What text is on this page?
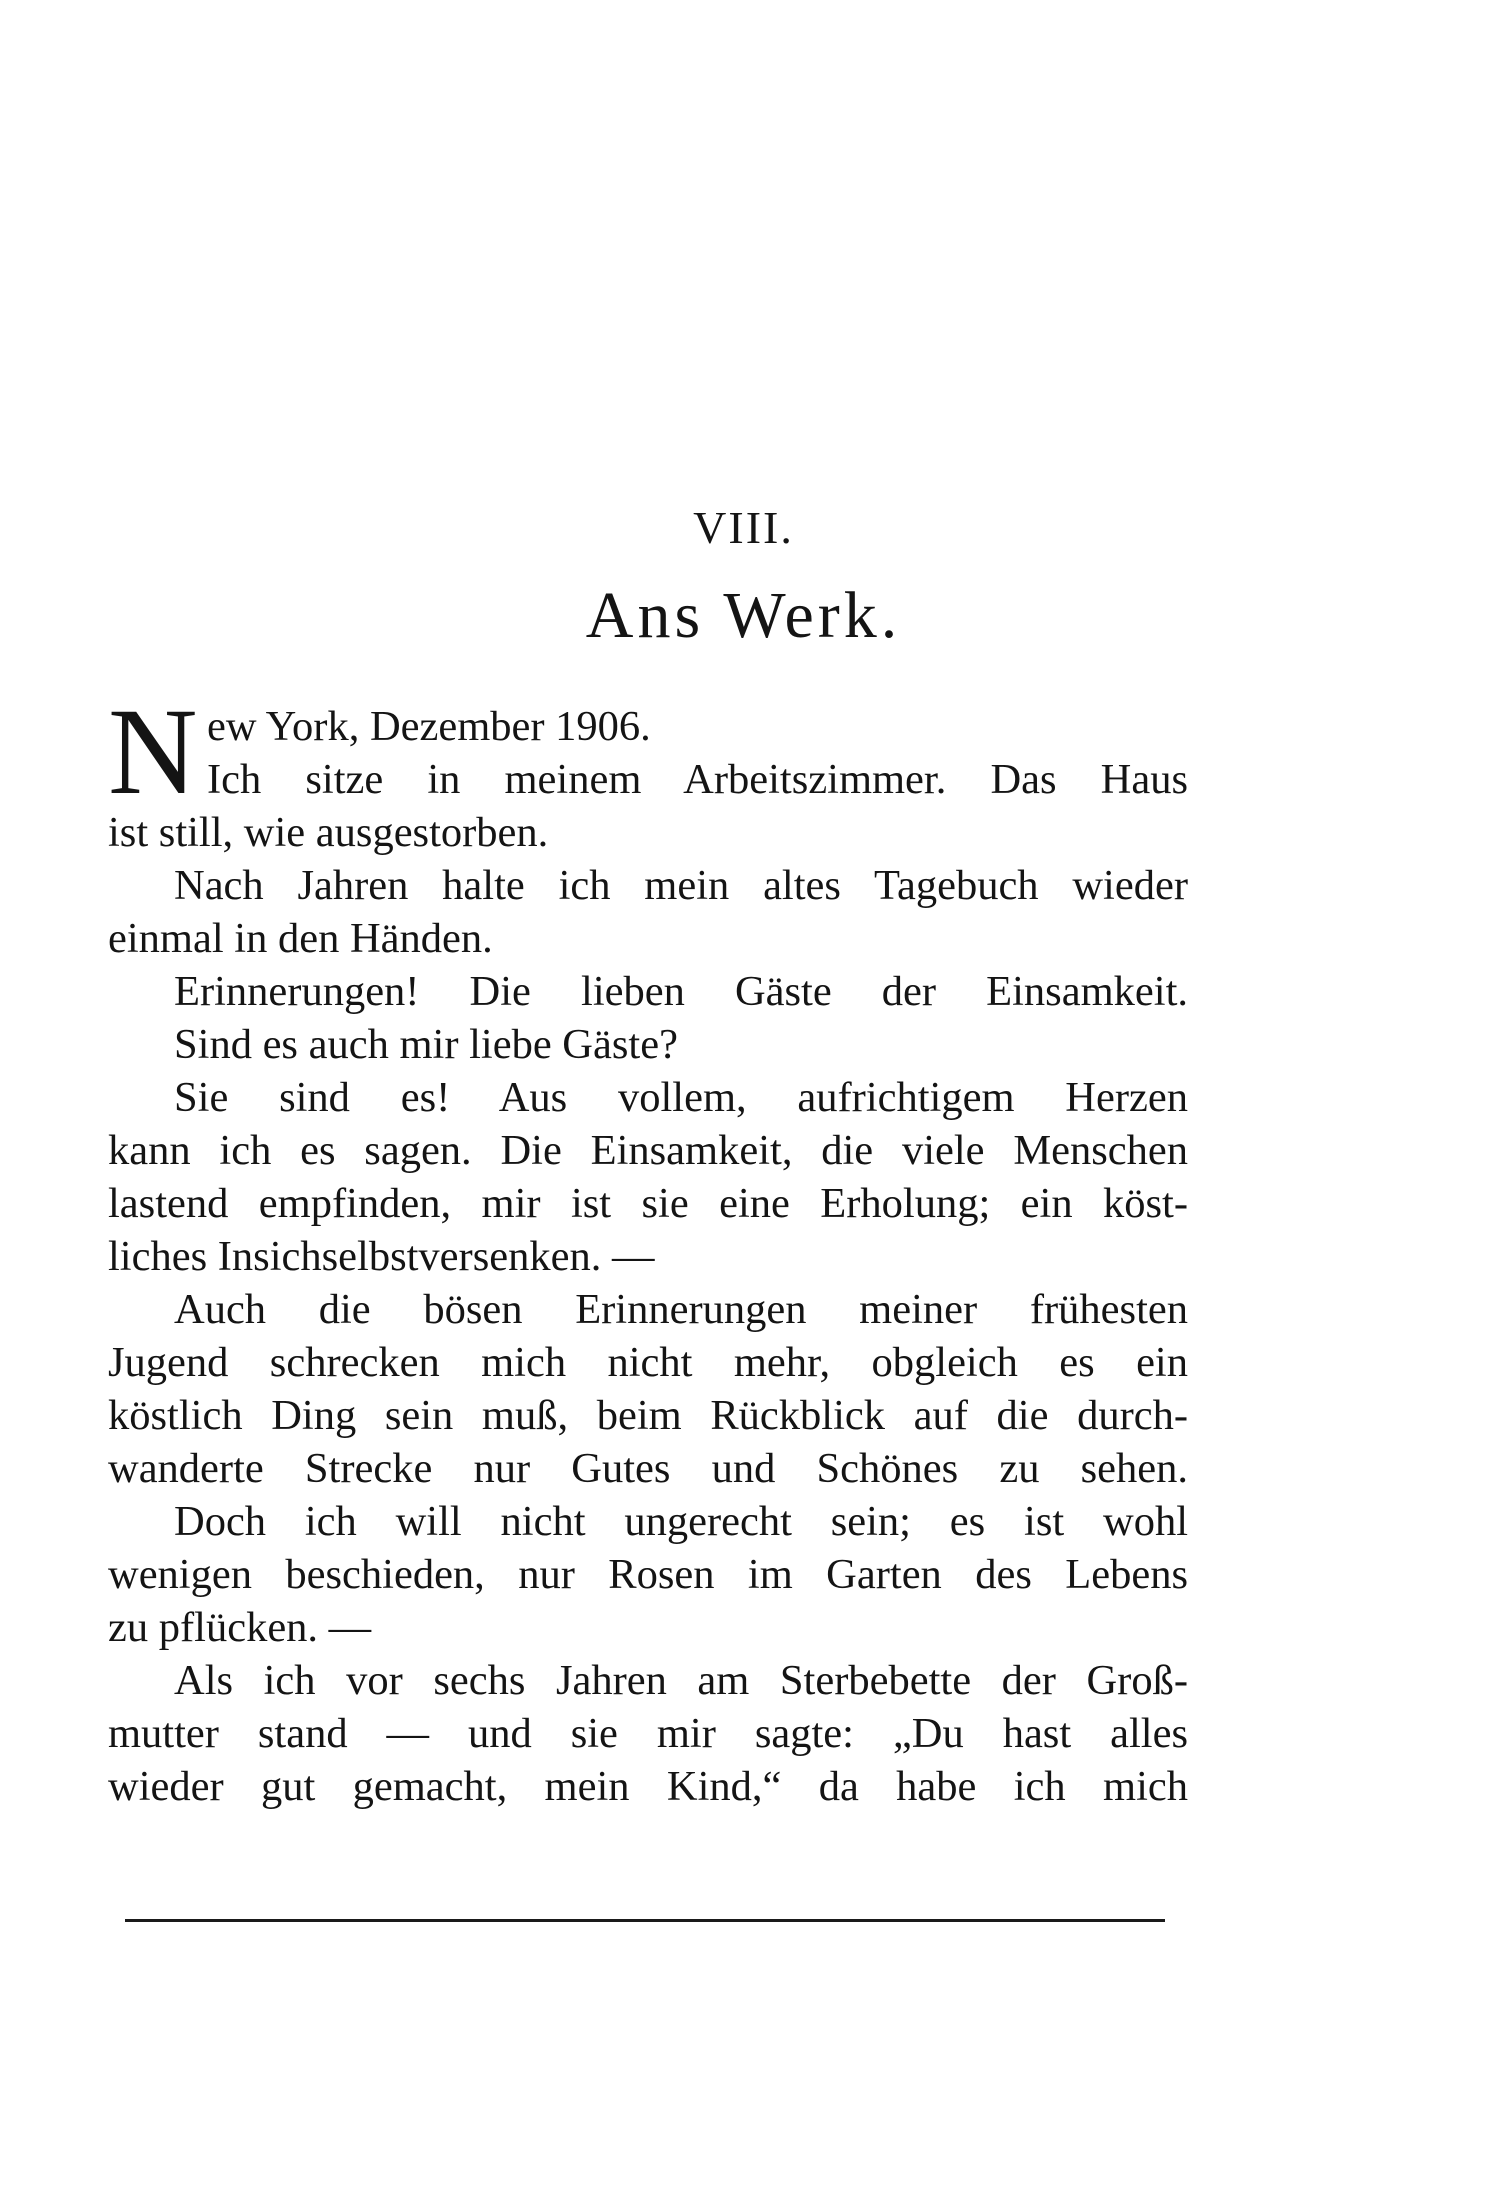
VIII.
Ans Werk.
N ew York, Dezember 1906.
Ich sitze in meinem Arbeitszimmer. Das Haus
ist still, wie ausgestorben.
Nach Jahren halte ich mein altes Tagebuch wieder
einmal in den Händen.
Erinnerungen! Die lieben Gäste der Einsamkeit.
Sind es auch mir liebe Gäste?
Sie sind es! Aus vollem, aufrichtigem Herzen
kann ich es sagen. Die Einsamkeit, die viele Menschen
lastend empfinden, mir ist sie eine Erholung; ein köst-
liches Insichselbstversenken. —
Auch die bösen Erinnerungen meiner frühesten
Jugend schrecken mich nicht mehr, obgleich es ein
köstlich Ding sein muß, beim Rückblick auf die durch-
wanderte Strecke nur Gutes und Schönes zu sehen.
Doch ich will nicht ungerecht sein; es ist wohl
wenigen beschieden, nur Rosen im Garten des Lebens
zu pflücken. —
Als ich vor sechs Jahren am Sterbebette der Groß-
mutter stand — und sie mir sagte: „Du hast alles
wieder gut gemacht, mein Kind,“ da habe ich mich
